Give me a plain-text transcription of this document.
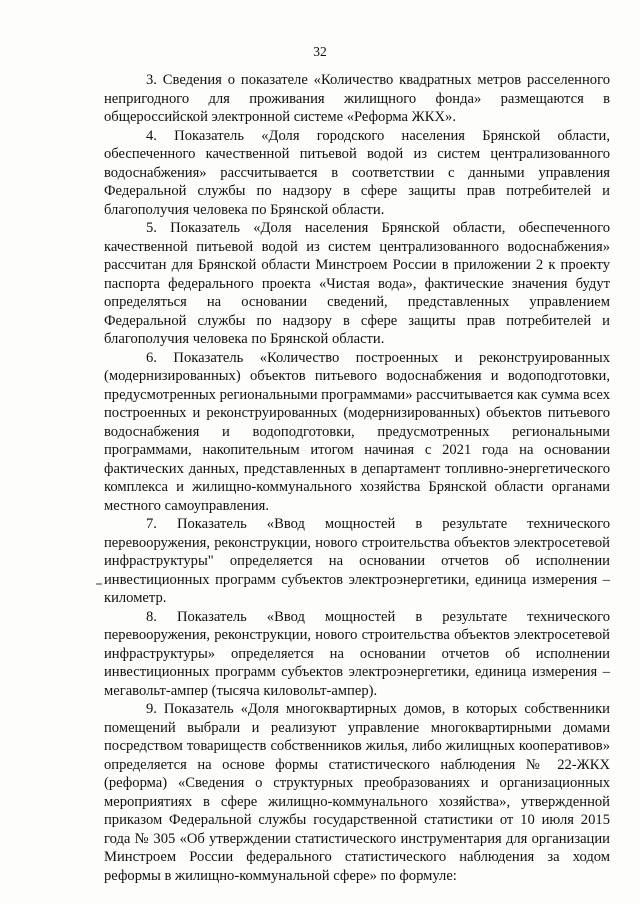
32

3. Сведения о показателе «Количество квадратных метров расселенного непригодного для проживания жилищного фонда» размещаются в общероссийской электронной системе «Реформа ЖКХ».

4. Показатель «Доля городского населения Брянской области, обеспеченного качественной питьевой водой из систем централизованного водоснабжения» рассчитывается в соответствии с данными управления Федеральной службы по надзору в сфере защиты прав потребителей и благополучия человека по Брянской области.

5. Показатель «Доля населения Брянской области, обеспеченного качественной питьевой водой из систем централизованного водоснабжения» рассчитан для Брянской области Минстроем России в приложении 2 к проекту паспорта федерального проекта «Чистая вода», фактические значения будут определяться на основании сведений, представленных управлением Федеральной службы по надзору в сфере защиты прав потребителей и благополучия человека по Брянской области.

6. Показатель «Количество построенных и реконструированных (модернизированных) объектов питьевого водоснабжения и водоподготовки, предусмотренных региональными программами» рассчитывается как сумма всех построенных и реконструированных (модернизированных) объектов питьевого водоснабжения и водоподготовки, предусмотренных региональными программами, накопительным итогом начиная с 2021 года на основании фактических данных, представленных в департамент топливно-энергетического комплекса и жилищно-коммунального хозяйства Брянской области органами местного самоуправления.

7. Показатель «Ввод мощностей в результате технического перевооружения, реконструкции, нового строительства объектов электросетевой инфраструктуры" определяется на основании отчетов об исполнении инвестиционных программ субъектов электроэнергетики, единица измерения – километр.

8. Показатель «Ввод мощностей в результате технического перевооружения, реконструкции, нового строительства объектов электросетевой инфраструктуры» определяется на основании отчетов об исполнении инвестиционных программ субъектов электроэнергетики, единица измерения – мегавольт-ампер (тысяча киловольт-ампер).

9. Показатель «Доля многоквартирных домов, в которых собственники помещений выбрали и реализуют управление многоквартирными домами посредством товариществ собственников жилья, либо жилищных кооперативов» определяется на основе формы статистического наблюдения № 22-ЖКХ (реформа) «Сведения о структурных преобразованиях и организационных мероприятиях в сфере жилищно-коммунального хозяйства», утвержденной приказом Федеральной службы государственной статистики от 10 июля 2015 года № 305 «Об утверждении статистического инструментария для организации Минстроем России федерального статистического наблюдения за ходом реформы в жилищно-коммунальной сфере» по формуле:
